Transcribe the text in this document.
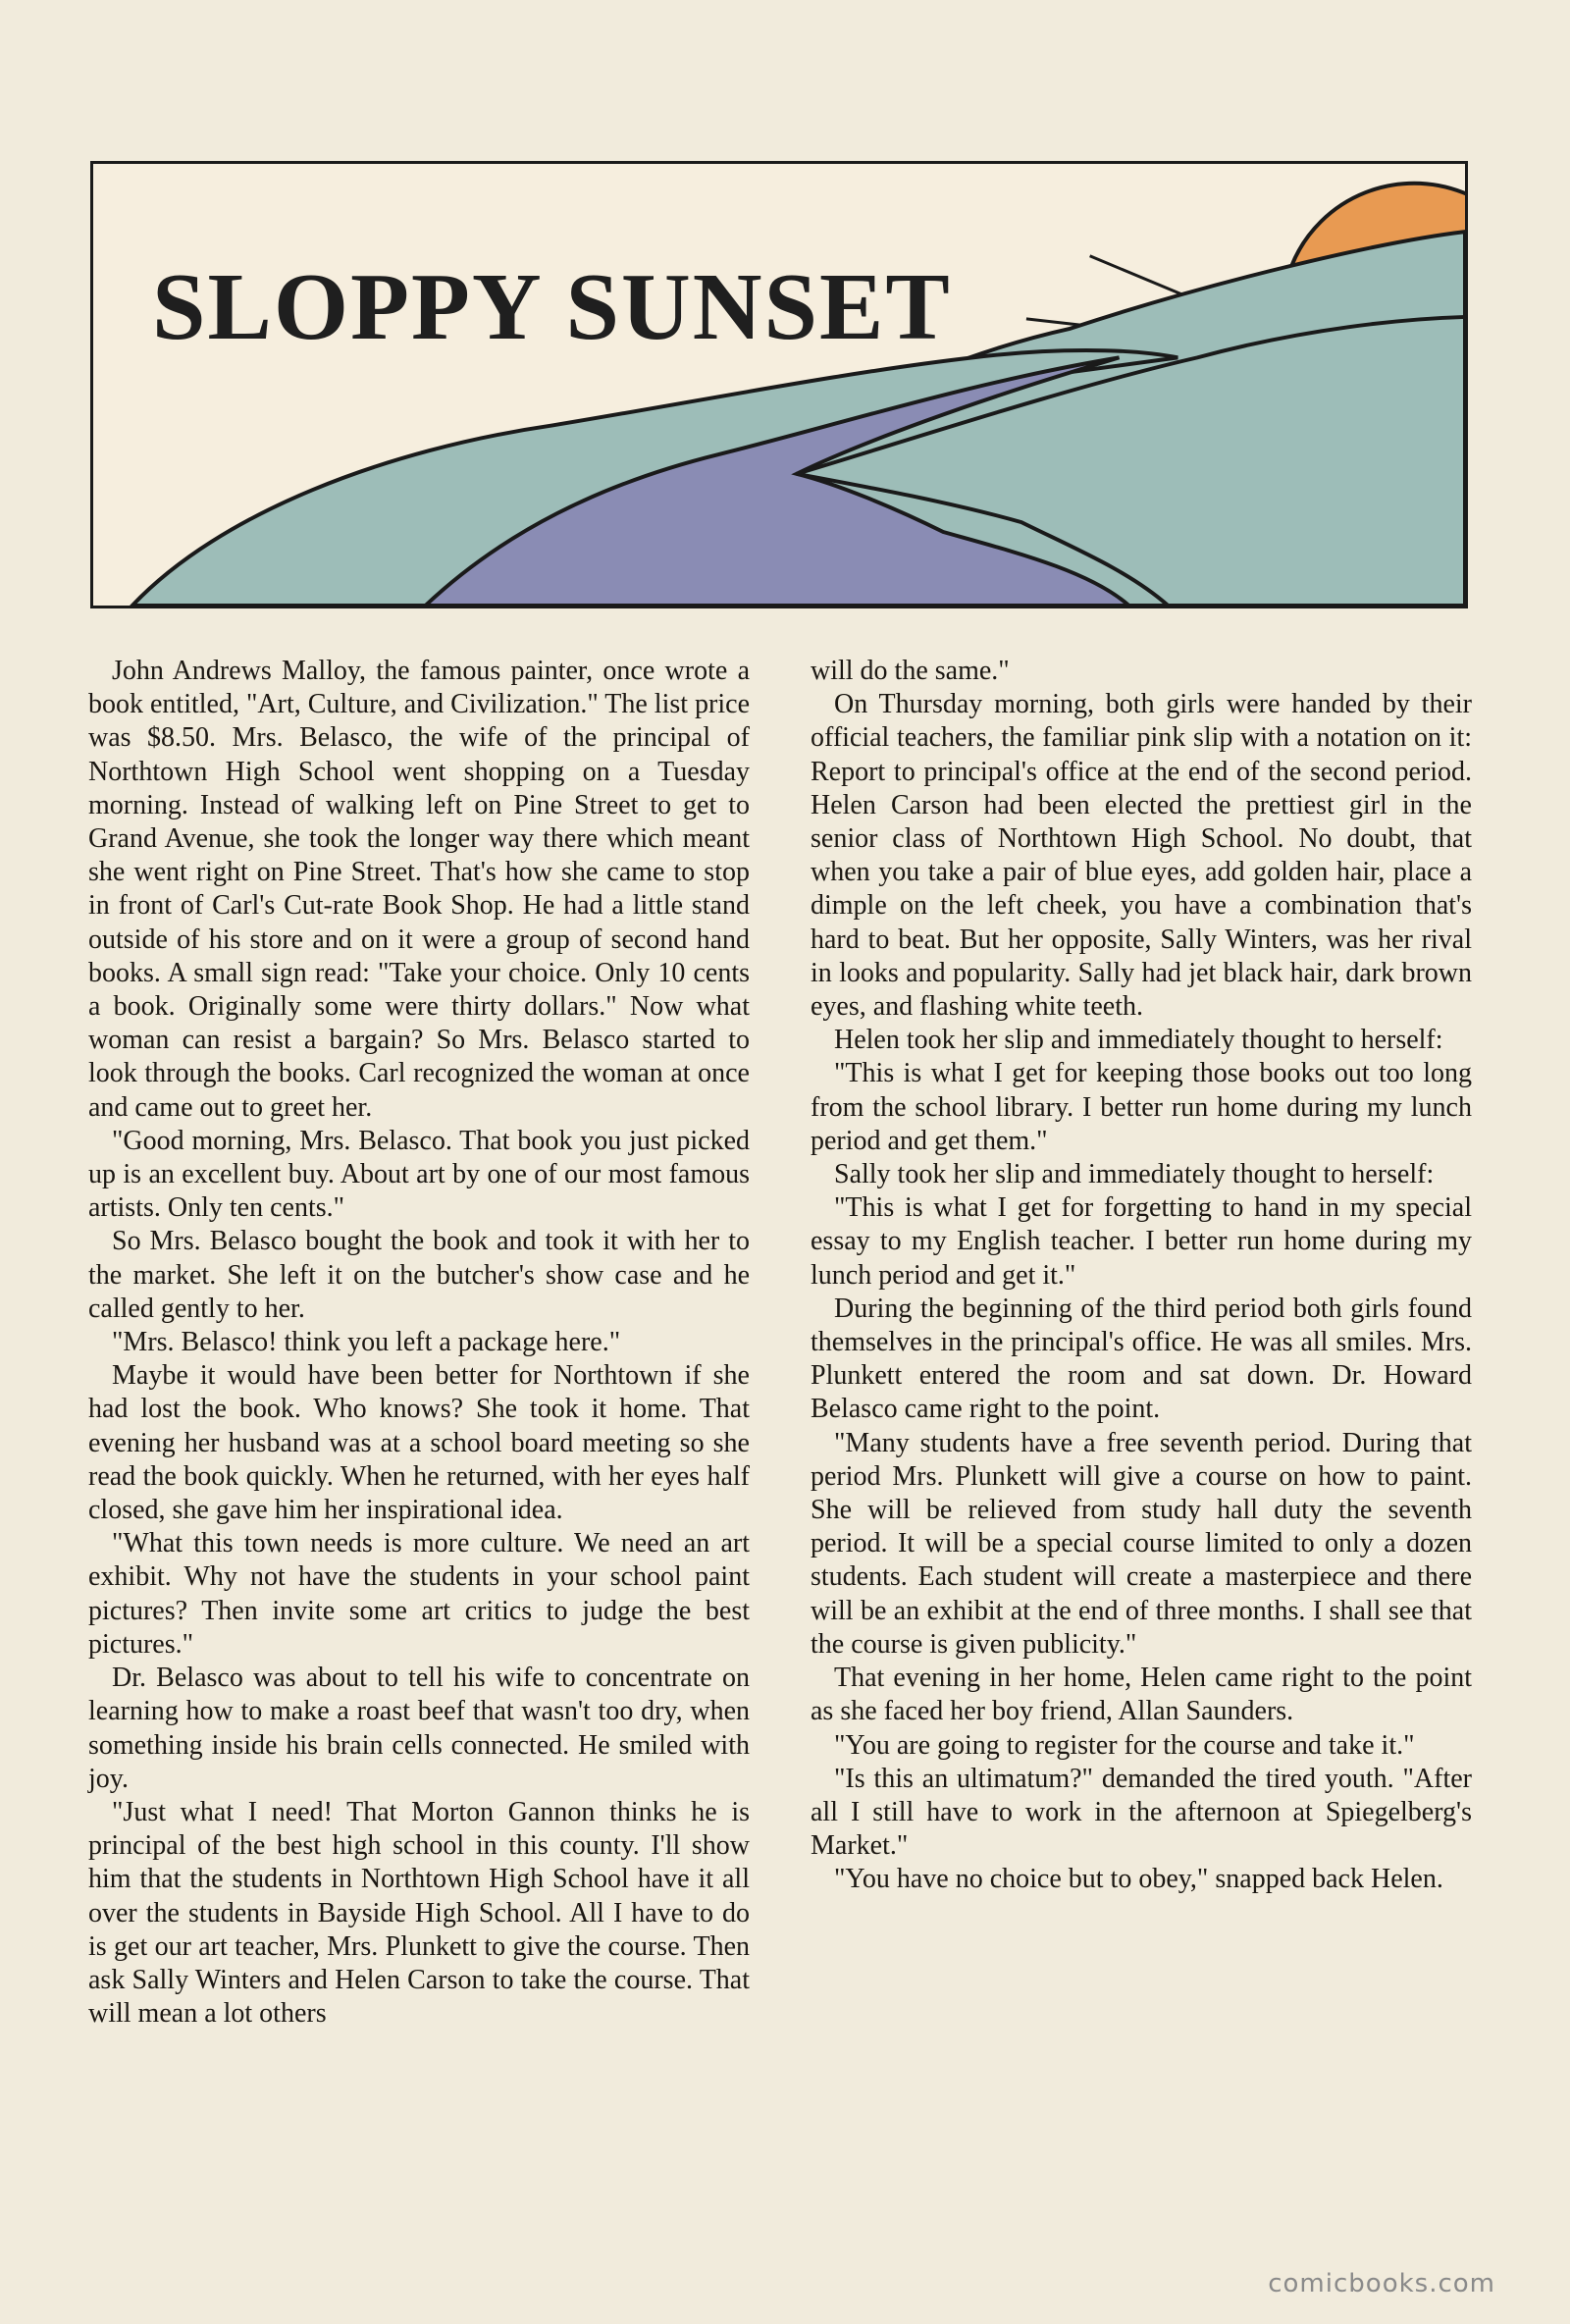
SLOPPY SUNSET

John Andrews Malloy, the famous painter, once wrote a book entitled, "Art, Culture, and Civilization." The list price was $8.50. Mrs. Belasco, the wife of the principal of Northtown High School went shopping on a Tuesday morning. Instead of walking left on Pine Street to get to Grand Avenue, she took the longer way there which meant she went right on Pine Street. That's how she came to stop in front of Carl's Cut-rate Book Shop. He had a little stand outside of his store and on it were a group of second hand books. A small sign read: "Take your choice. Only 10 cents a book. Originally some were thirty dollars." Now what woman can resist a bargain? So Mrs. Belasco started to look through the books. Carl recognized the woman at once and came out to greet her.

"Good morning, Mrs. Belasco. That book you just picked up is an excellent buy. About art by one of our most famous artists. Only ten cents."

So Mrs. Belasco bought the book and took it with her to the market. She left it on the butcher's show case and he called gently to her.

"Mrs. Belasco! think you left a package here."

Maybe it would have been better for Northtown if she had lost the book. Who knows? She took it home. That evening her husband was at a school board meeting so she read the book quickly. When he returned, with her eyes half closed, she gave him her inspirational idea.

"What this town needs is more culture. We need an art exhibit. Why not have the students in your school paint pictures? Then invite some art critics to judge the best pictures."

Dr. Belasco was about to tell his wife to concentrate on learning how to make a roast beef that wasn't too dry, when something inside his brain cells connected. He smiled with joy.

"Just what I need! That Morton Gannon thinks he is principal of the best high school in this county. I'll show him that the students in Northtown High School have it all over the students in Bayside High School. All I have to do is get our art teacher, Mrs. Plunkett to give the course. Then ask Sally Winters and Helen Carson to take the course. That will mean a lot others

will do the same."

On Thursday morning, both girls were handed by their official teachers, the familiar pink slip with a notation on it: Report to principal's office at the end of the second period. Helen Carson had been elected the prettiest girl in the senior class of Northtown High School. No doubt, that when you take a pair of blue eyes, add golden hair, place a dimple on the left cheek, you have a combination that's hard to beat. But her opposite, Sally Winters, was her rival in looks and popularity. Sally had jet black hair, dark brown eyes, and flashing white teeth.

Helen took her slip and immediately thought to herself:

"This is what I get for keeping those books out too long from the school library. I better run home during my lunch period and get them."

Sally took her slip and immediately thought to herself:

"This is what I get for forgetting to hand in my special essay to my English teacher. I better run home during my lunch period and get it."

During the beginning of the third period both girls found themselves in the principal's office. He was all smiles. Mrs. Plunkett entered the room and sat down. Dr. Howard Belasco came right to the point.

"Many students have a free seventh period. During that period Mrs. Plunkett will give a course on how to paint. She will be relieved from study hall duty the seventh period. It will be a special course limited to only a dozen students. Each student will create a masterpiece and there will be an exhibit at the end of three months. I shall see that the course is given publicity."

That evening in her home, Helen came right to the point as she faced her boy friend, Allan Saunders.

"You are going to register for the course and take it."

"Is this an ultimatum?" demanded the tired youth. "After all I still have to work in the afternoon at Spiegelberg's Market."

"You have no choice but to obey," snapped back Helen.

comicbooks.com
